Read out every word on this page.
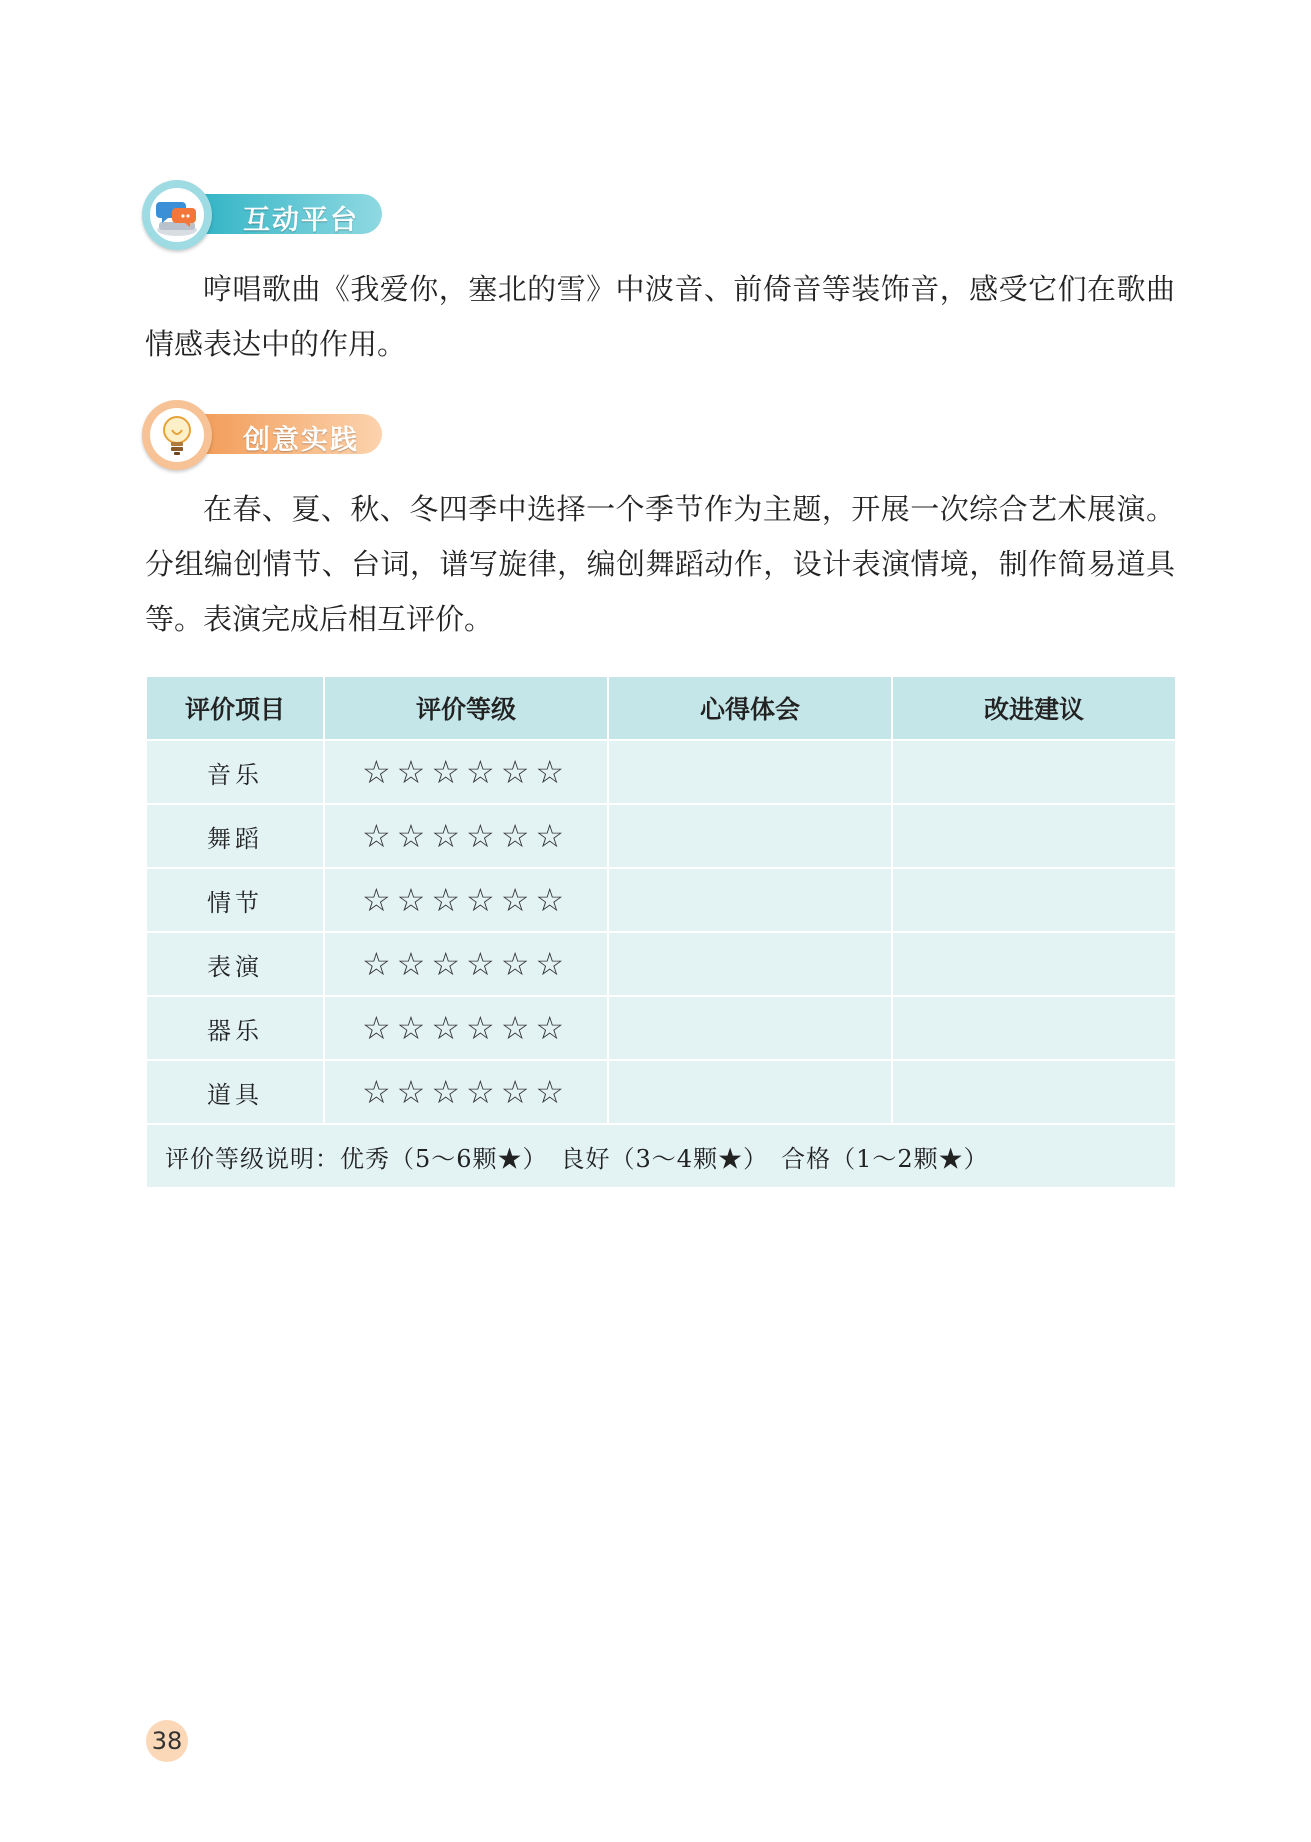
互动平台

哼唱歌曲《我爱你，塞北的雪》中波音、前倚音等装饰音，感受它们在歌曲情感表达中的作用。

创意实践

在春、夏、秋、冬四季中选择一个季节作为主题，开展一次综合艺术展演。分组编创情节、台词，谱写旋律，编创舞蹈动作，设计表演情境，制作简易道具等。表演完成后相互评价。

评价项目	评价等级	心得体会	改进建议
音乐	☆☆☆☆☆☆		
舞蹈	☆☆☆☆☆☆		
情节	☆☆☆☆☆☆		
表演	☆☆☆☆☆☆		
器乐	☆☆☆☆☆☆		
道具	☆☆☆☆☆☆		
评价等级说明：优秀（5～6颗★）　良好（3～4颗★）　合格（1～2颗★）			
38
